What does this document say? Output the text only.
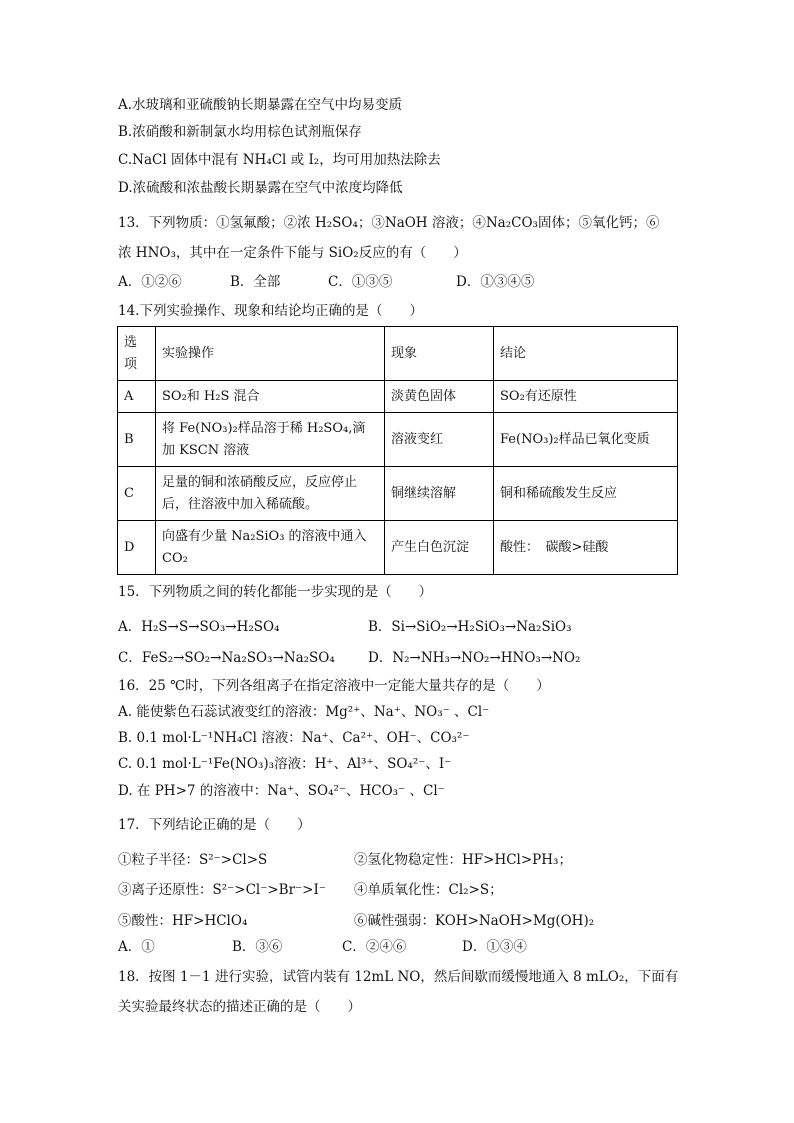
A.水玻璃和亚硫酸钠长期暴露在空气中均易变质
B.浓硝酸和新制氯水均用棕色试剂瓶保存
C.NaCl 固体中混有 NH₄Cl 或 I₂，均可用加热法除去
D.浓硫酸和浓盐酸长期暴露在空气中浓度均降低
13．下列物质：①氢氟酸；②浓 H₂SO₄；③NaOH 溶液；④Na₂CO₃固体；⑤氧化钙；⑥
浓 HNO₃，其中在一定条件下能与 SiO₂反应的有（　　）
A．①②⑥	B．全部	C．①③⑤	D．①③④⑤
14.下列实验操作、现象和结论均正确的是（　　）
选项	实验操作	现象	结论
A	SO₂和 H₂S 混合	淡黄色固体	SO₂有还原性
B	将 Fe(NO₃)₂样品溶于稀 H₂SO₄,滴加 KSCN 溶液	溶液变红	Fe(NO₃)₂样品已氧化变质
C	足量的铜和浓硝酸反应，反应停止后，往溶液中加入稀硫酸。	铜继续溶解	铜和稀硫酸发生反应
D	向盛有少量 Na₂SiO₃ 的溶液中通入 CO₂	产生白色沉淀	酸性：　碳酸>硅酸
15．下列物质之间的转化都能一步实现的是（　　）
A．H₂S→S→SO₃→H₂SO₄	B．Si→SiO₂→H₂SiO₃→Na₂SiO₃
C．FeS₂→SO₂→Na₂SO₃→Na₂SO₄ D．N₂→NH₃→NO₂→HNO₃→NO₂
16．25 ℃时，下列各组离子在指定溶液中一定能大量共存的是（　　）
A. 能使紫色石蕊试液变红的溶液：Mg²⁺、Na⁺、NO₃⁻ 、Cl⁻
B. 0.1 mol·L⁻¹NH₄Cl 溶液：Na⁺、Ca²⁺、OH⁻、CO₃²⁻
C. 0.1 mol·L⁻¹Fe(NO₃)₃溶液：H⁺、Al³⁺、SO₄²⁻、I⁻
D. 在 PH>7 的溶液中：Na⁺、SO₄²⁻、HCO₃⁻ 、Cl⁻
17．下列结论正确的是（　　）
①粒子半径：S²⁻>Cl>S	②氢化物稳定性：HF>HCl>PH₃；
③离子还原性：S²⁻>Cl⁻>Br⁻>I⁻ ④单质氧化性：Cl₂>S；
⑤酸性：HF>HClO₄	⑥碱性强弱：KOH>NaOH>Mg(OH)₂
A．①	B．③⑥	C．②④⑥	D．①③④
18．按图 1－1 进行实验，试管内装有 12mL NO，然后间歇而缓慢地通入 8 mLO₂，下面有
关实验最终状态的描述正确的是（　　）
